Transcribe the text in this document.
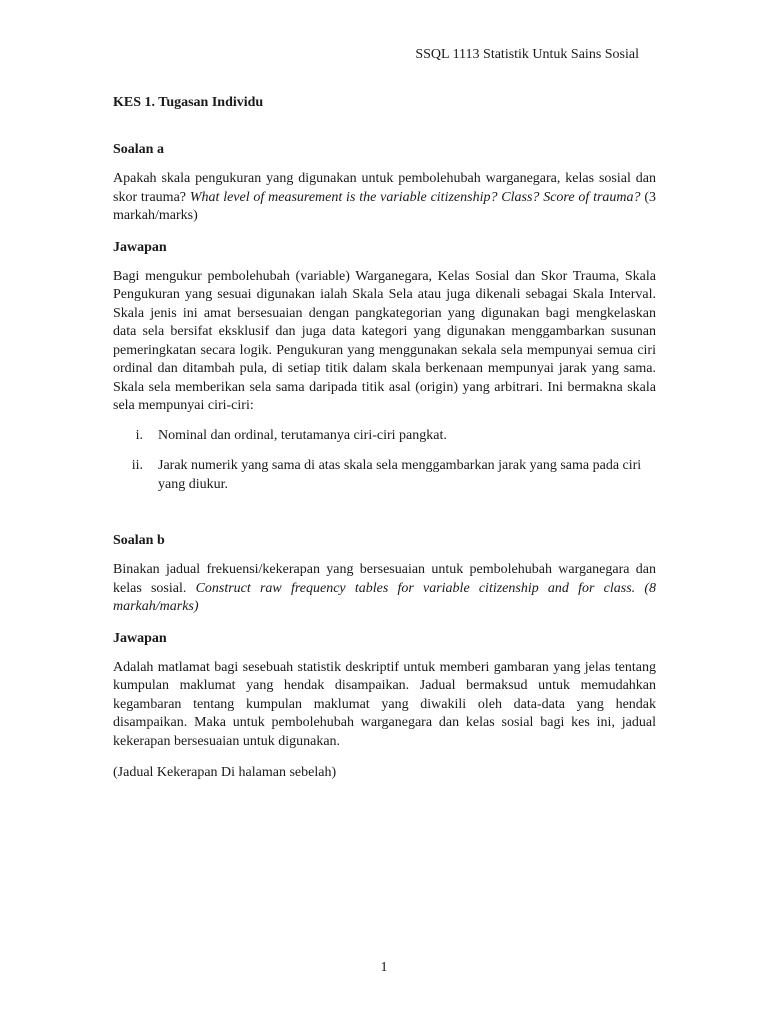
SSQL 1113 Statistik Untuk Sains Sosial
KES 1. Tugasan Individu
Soalan a

Apakah skala pengukuran yang digunakan untuk pembolehubah warganegara, kelas sosial dan skor trauma? What level of measurement is the variable citizenship? Class? Score of trauma? (3 markah/marks)

Jawapan

Bagi mengukur pembolehubah (variable) Warganegara, Kelas Sosial dan Skor Trauma, Skala Pengukuran yang sesuai digunakan ialah Skala Sela atau juga dikenali sebagai Skala Interval. Skala jenis ini amat bersesuaian dengan pangkategorian yang digunakan bagi mengkelaskan data sela bersifat eksklusif dan juga data kategori yang digunakan menggambarkan susunan pemeringkatan secara logik. Pengukuran yang menggunakan sekala sela mempunyai semua ciri ordinal dan ditambah pula, di setiap titik dalam skala berkenaan mempunyai jarak yang sama. Skala sela memberikan sela sama daripada titik asal (origin) yang arbitrari. Ini bermakna skala sela mempunyai ciri-ciri:

i. Nominal dan ordinal, terutamanya ciri-ciri pangkat.
ii. Jarak numerik yang sama di atas skala sela menggambarkan jarak yang sama pada ciri yang diukur.
Soalan b

Binakan jadual frekuensi/kekerapan yang bersesuaian untuk pembolehubah warganegara dan kelas sosial. Construct raw frequency tables for variable citizenship and for class. (8 markah/marks)

Jawapan

Adalah matlamat bagi sesebuah statistik deskriptif untuk memberi gambaran yang jelas tentang kumpulan maklumat yang hendak disampaikan. Jadual bermaksud untuk memudahkan kegambaran tentang kumpulan maklumat yang diwakili oleh data-data yang hendak disampaikan. Maka untuk pembolehubah warganegara dan kelas sosial bagi kes ini, jadual kekerapan bersesuaian untuk digunakan.

(Jadual Kekerapan Di halaman sebelah)

1
